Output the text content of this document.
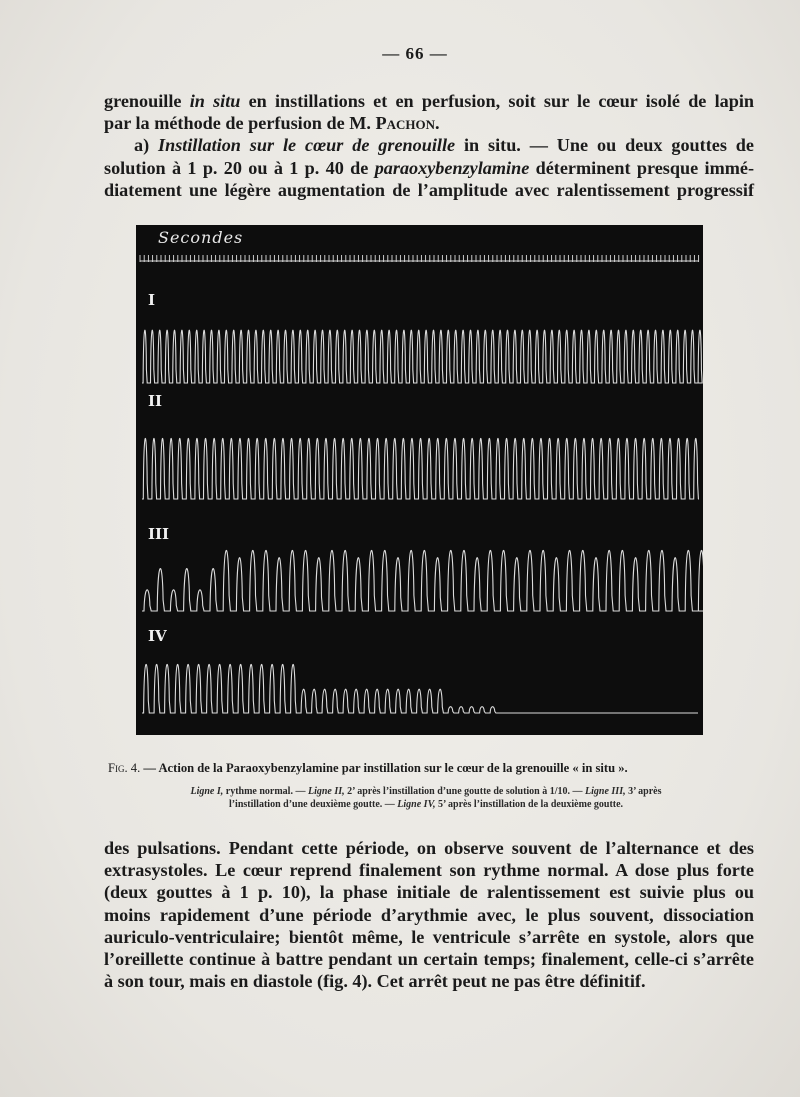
— 66 —
grenouille in situ en instillations et en perfusion, soit sur le cœur isolé de lapin
par la méthode de perfusion de M. Pachon.
a) Instillation sur le cœur de grenouille in situ. — Une ou deux gouttes de
solution à 1 p. 20 ou à 1 p. 40 de paraoxybenzylamine déterminent presque immé-
diatement une légère augmentation de l’amplitude avec ralentissement progressif
Secondes
I
II
III
IV
Fig. 4. — Action de la Paraoxybenzylamine par instillation sur le cœur de la grenouille « in situ ».
Ligne I, rythme normal. — Ligne II, 2’ après l’instillation d’une goutte de solution à 1/10. — Ligne III, 3’ après
l’instillation d’une deuxième goutte. — Ligne IV, 5’ après l’instillation de la deuxième goutte.
des pulsations. Pendant cette période, on observe souvent de l’alternance et des
extrasystoles. Le cœur reprend finalement son rythme normal. A dose plus forte
(deux gouttes à 1 p. 10), la phase initiale de ralentissement est suivie plus ou
moins rapidement d’une période d’arythmie avec, le plus souvent, dissociation
auriculo-ventriculaire; bientôt même, le ventricule s’arrête en systole, alors que
l’oreillette continue à battre pendant un certain temps; finalement, celle-ci s’arrête
à son tour, mais en diastole (fig. 4). Cet arrêt peut ne pas être définitif.
